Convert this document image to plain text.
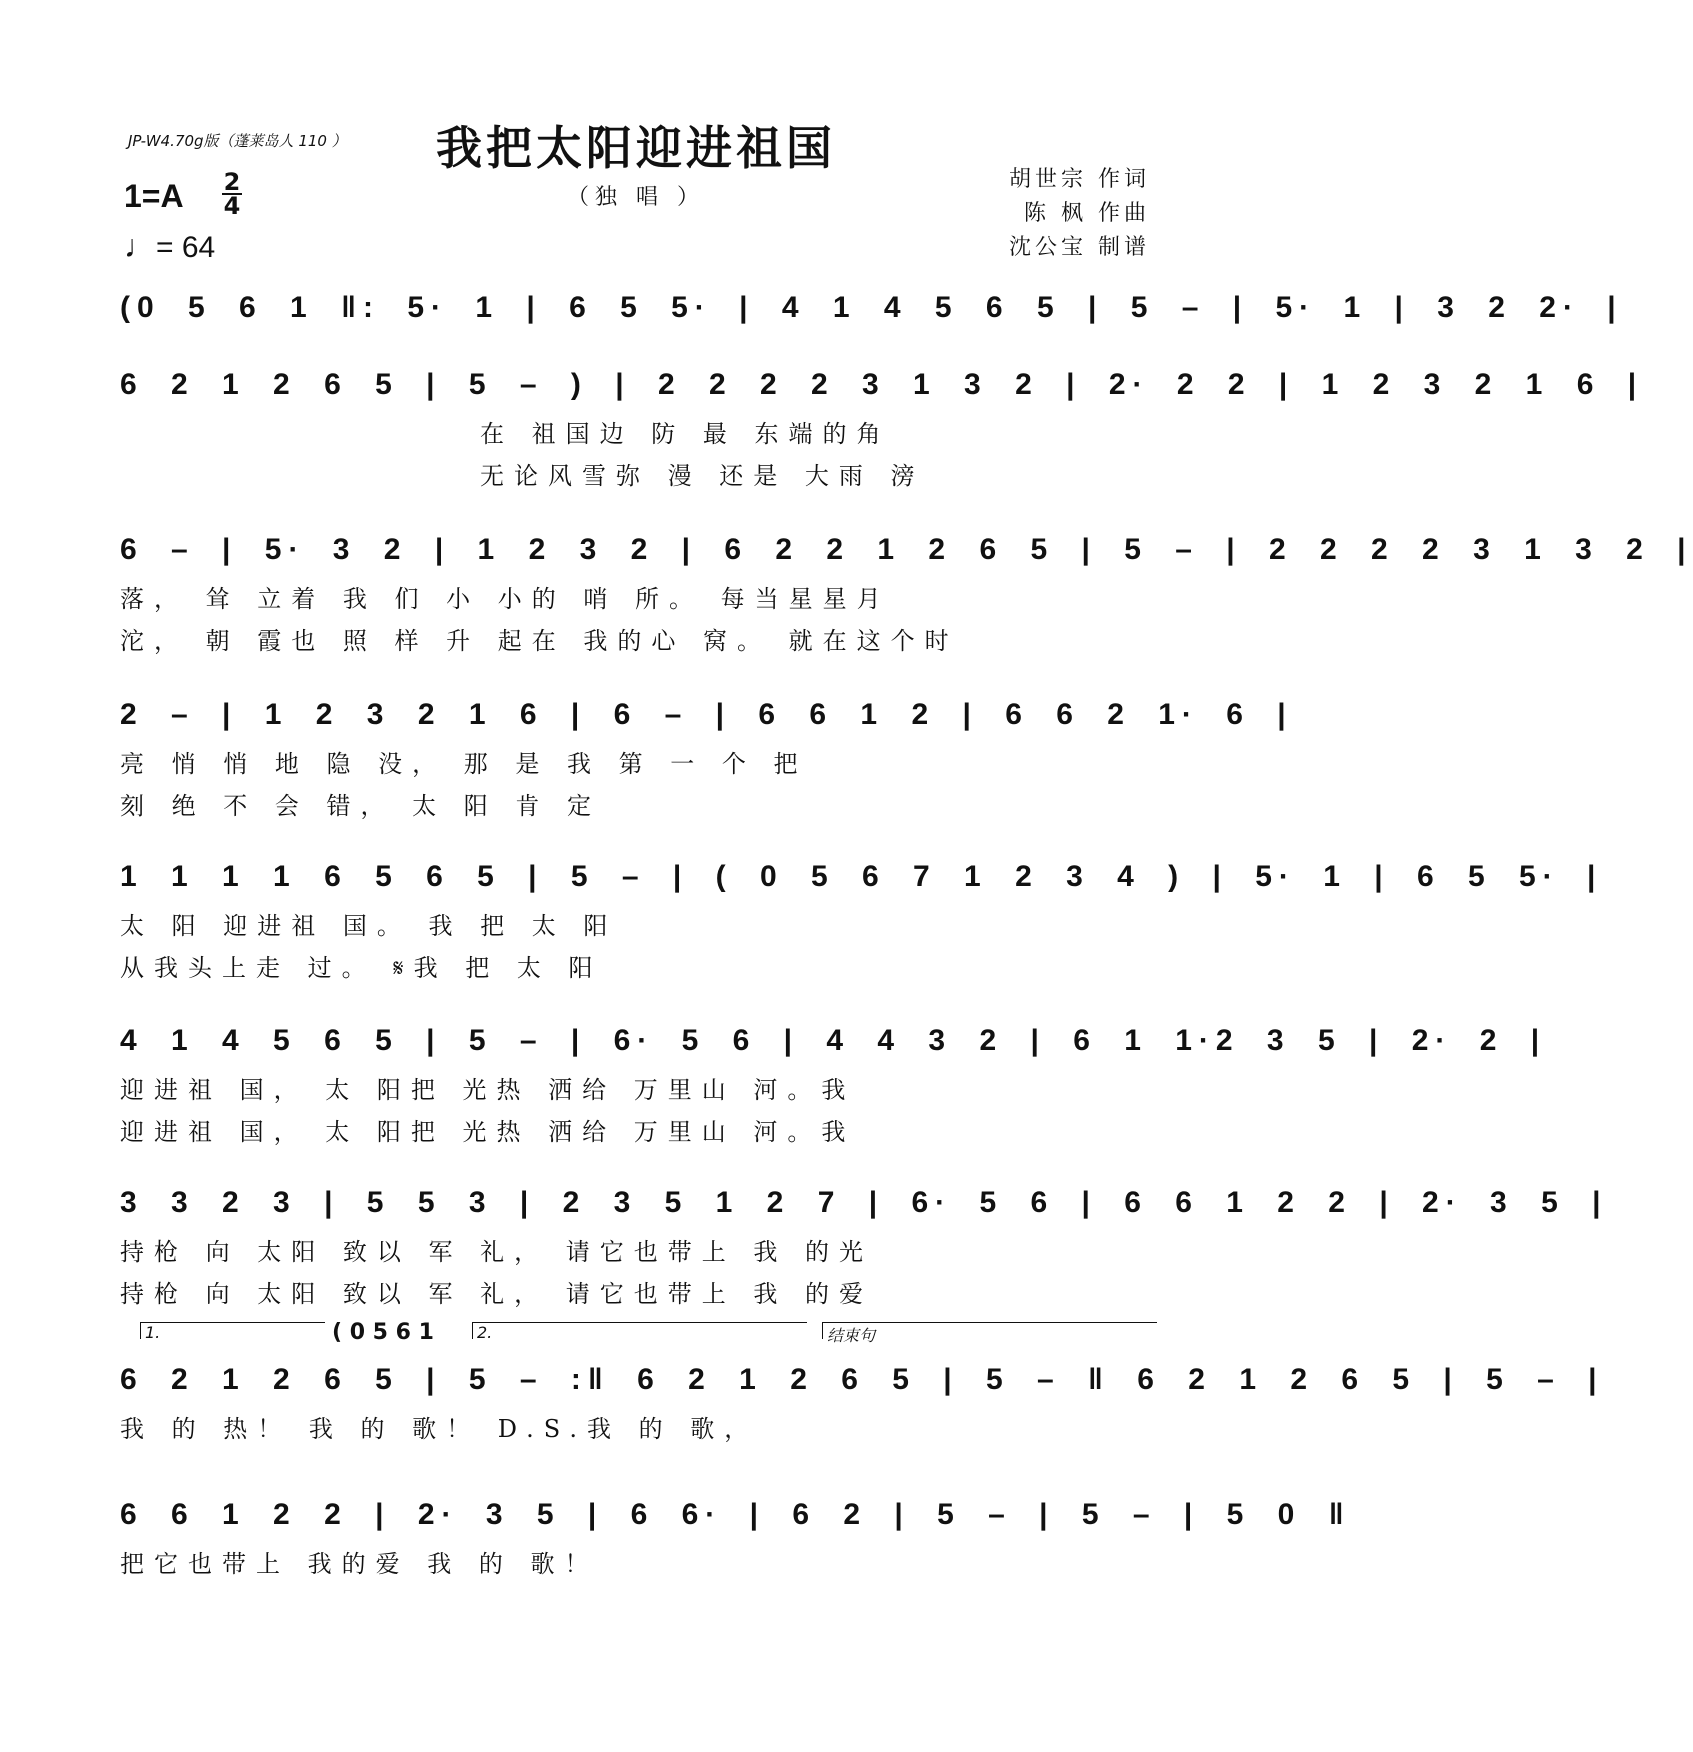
JP-W4.70g版（蓬莱岛人 110 ）	我把太阳迎进祖国
（独 唱 ）
1=A 2
4
♩= 64
胡世宗 作词
陈 枫 作曲
沈公宝 制谱
(0 5 6 1 ‖: 5· 1 | 6 5 5· | 4 1 4 5 6 5 | 5 – | 5· 1 | 3 2 2· |
6 2 1 2 6 5 | 5 – ) | 2 2 2 2 3 1 3 2 | 2· 2 2 | 1 2 3 2 1 6 |
在 祖国边 防 最 东端的角
无论风雪弥 漫 还是 大雨 滂
6 – | 5· 3 2 | 1 2 3 2 | 6 2 2 1 2 6 5 | 5 – | 2 2 2 2 3 1 3 2 |
落， 耸 立着 我 们 小 小的 哨 所。 每当星星月
沱， 朝 霞也 照 样 升 起在 我的心 窝。 就在这个时
2 – | 1 2 3 2 1 6 | 6 – | 6 6 1 2 | 6 6 2 1· 6 |
亮 悄 悄 地 隐 没， 那 是 我 第 一 个 把
刻 绝 不 会 错， 太 阳 肯 定
1 1 1 1 6 5 6 5 | 5 – | ( 0 5 6 7 1 2 3 4 ) | 5· 1 | 6 5 5· |
太 阳 迎进祖 国。 我 把 太 阳
从我头上走 过。 𝄋我 把 太 阳
4 1 4 5 6 5 | 5 – | 6· 5 6 | 4 4 3 2 | 6 1 1·2 3 5 | 2· 2 |
迎进祖 国， 太 阳把 光热 洒给 万里山 河。我
迎进祖 国， 太 阳把 光热 洒给 万里山 河。我
3 3 2 3 | 5 5 3 | 2 3 5 1 2 7 | 6· 5 6 | 6 6 1 2 2 | 2· 3 5 |
持枪 向 太阳 致以 军 礼， 请它也带上 我 的光
持枪 向 太阳 致以 军 礼， 请它也带上 我 的爱
1.	( 0 5 6 1	2.	结束句
6 2 1 2 6 5 | 5 – :‖ 6 2 1 2 6 5 | 5 – ‖ 6 2 1 2 6 5 | 5 – |
我 的 热！ 我 的 歌！ D.S.我 的 歌，
6 6 1 2 2 | 2· 3 5 | 6 6· | 6 2 | 5 – | 5 – | 5 0 ‖
把它也带上 我的爱 我 的 歌！
